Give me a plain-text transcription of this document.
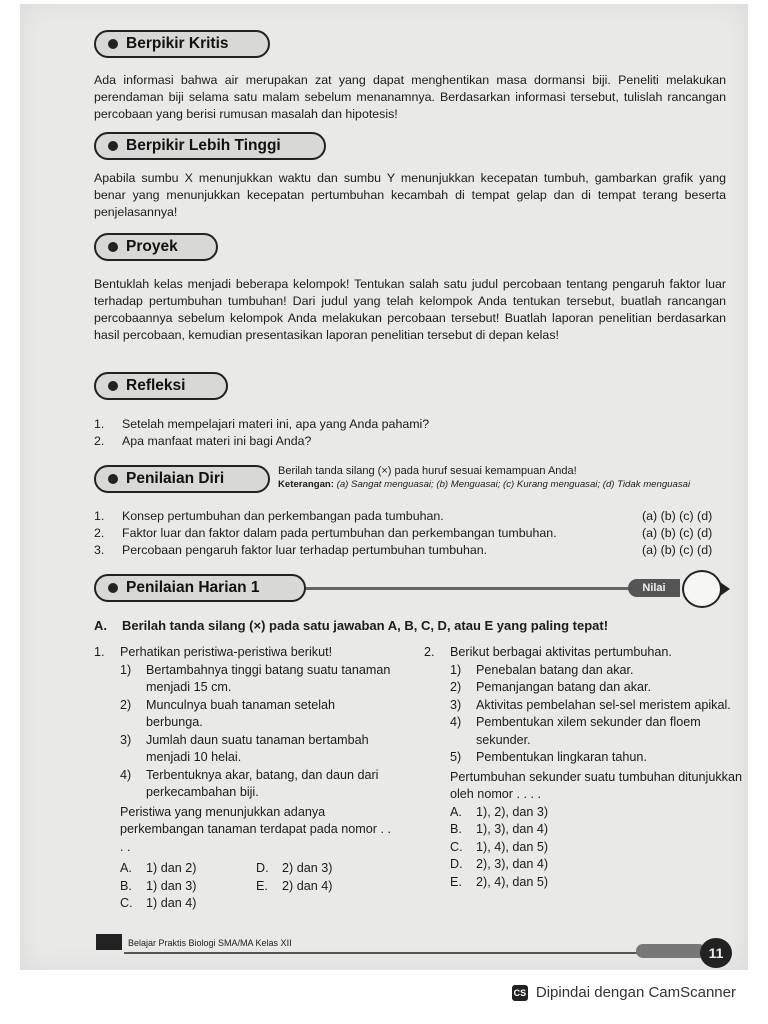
Berpikir Kritis

Ada informasi bahwa air merupakan zat yang dapat menghentikan masa dormansi biji. Peneliti melakukan perendaman biji selama satu malam sebelum menanamnya. Berdasarkan informasi tersebut, tulislah rancangan percobaan yang berisi rumusan masalah dan hipotesis!

Berpikir Lebih Tinggi

Apabila sumbu X menunjukkan waktu dan sumbu Y menunjukkan kecepatan tumbuh, gambarkan grafik yang benar yang menunjukkan kecepatan pertumbuhan kecambah di tempat gelap dan di tempat terang beserta penjelasannya!

Proyek

Bentuklah kelas menjadi beberapa kelompok! Tentukan salah satu judul percobaan tentang pengaruh faktor luar terhadap pertumbuhan tumbuhan! Dari judul yang telah kelompok Anda tentukan tersebut, buatlah rancangan percobaannya sebelum kelompok Anda melakukan percobaan tersebut! Buatlah laporan penelitian berdasarkan hasil percobaan, kemudian presentasikan laporan penelitian tersebut di depan kelas!

Refleksi
1.	Setelah mempelajari materi ini, apa yang Anda pahami?
2.	Apa manfaat materi ini bagi Anda?
Penilaian Diri	Berilah tanda silang (×) pada huruf sesuai kemampuan Anda!
Keterangan: (a) Sangat menguasai; (b) Menguasai; (c) Kurang menguasai; (d) Tidak menguasai
1.	Konsep pertumbuhan dan perkembangan pada tumbuhan.	(a) (b) (c) (d)
2.	Faktor luar dan faktor dalam pada pertumbuhan dan perkembangan tumbuhan.	(a) (b) (c) (d)
3.	Percobaan pengaruh faktor luar terhadap pertumbuhan tumbuhan.	(a) (b) (c) (d)
Penilaian Harian 1	Nilai
A. Berilah tanda silang (×) pada satu jawaban A, B, C, D, atau E yang paling tepat!
1.	Perhatikan peristiwa-peristiwa berikut!
1)	Bertambahnya tinggi batang suatu tanaman menjadi 15 cm.
2)	Munculnya buah tanaman setelah berbunga.
3)	Jumlah daun suatu tanaman bertambah menjadi 10 helai.
4)	Terbentuknya akar, batang, dan daun dari perkecambahan biji.
Peristiwa yang menunjukkan adanya perkembangan tanaman terdapat pada nomor . . . .
A.	1) dan 2)	D.	2) dan 3)
B.	1) dan 3)	E.	2) dan 4)
C.	1) dan 4)
2.	Berikut berbagai aktivitas pertumbuhan.
1)	Penebalan batang dan akar.
2)	Pemanjangan batang dan akar.
3)	Aktivitas pembelahan sel-sel meristem apikal.
4)	Pembentukan xilem sekunder dan floem sekunder.
5)	Pembentukan lingkaran tahun.
Pertumbuhan sekunder suatu tumbuhan ditunjukkan oleh nomor . . . .
A.	1), 2), dan 3)
B.	1), 3), dan 4)
C.	1), 4), dan 5)
D.	2), 3), dan 4)
E.	2), 4), dan 5)
Belajar Praktis Biologi SMA/MA Kelas XII
11
CS Dipindai dengan CamScanner
